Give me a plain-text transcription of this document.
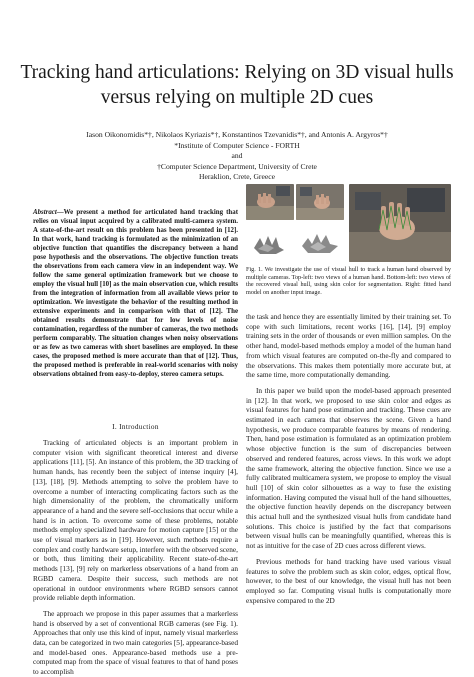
Tracking hand articulations: Relying on 3D visual hulls versus relying on multiple 2D cues
Iason Oikonomidis*†, Nikolaos Kyriazis*†, Konstantinos Tzevanidis*†, and Antonis A. Argyros*†
*Institute of Computer Science - FORTH
and
†Computer Science Department, University of Crete
Heraklion, Crete, Greece
Abstract—We present a method for articulated hand tracking that relies on visual input acquired by a calibrated multi-camera system. A state-of-the-art result on this problem has been presented in [12]. In that work, hand tracking is formulated as the minimization of an objective function that quantifies the discrepancy between a hand pose hypothesis and the observations. The objective function treats the observations from each camera view in an independent way. We follow the same general optimization framework but we choose to employ the visual hull [10] as the main observation cue, which results from the integration of information from all available views prior to optimization. We investigate the behavior of the resulting method in extensive experiments and in comparison with that of [12]. The obtained results demonstrate that for low levels of noise contamination, regardless of the number of cameras, the two methods perform comparably. The situation changes when noisy observations or as few as two cameras with short baselines are employed. In these cases, the proposed method is more accurate than that of [12]. Thus, the proposed method is preferable in real-world scenarios with noisy observations obtained from easy-to-deploy, stereo camera setups.
I. Introduction

Tracking of articulated objects is an important problem in computer vision with significant theoretical interest and diverse applications [11], [5]. An instance of this problem, the 3D tracking of human hands, has recently been the subject of intense inquiry [4], [13], [18], [9]. Methods attempting to solve the problem have to overcome a number of interacting complicating factors such as the high dimensionality of the problem, the chromatically uniform appearance of a hand and the severe self-occlusions that occur while a hand is in action. To overcome some of these problems, notable methods employ specialized hardware for motion capture [15] or the use of visual markers as in [19]. However, such methods require a complex and costly hardware setup, interfere with the observed scene, or both, thus limiting their applicability. Recent state-of-the-art methods [13], [9] rely on markerless observations of a hand from an RGBD camera. Despite their success, such methods are not operational in outdoor environments where RGBD sensors cannot provide reliable depth information.

The approach we propose in this paper assumes that a markerless hand is observed by a set of conventional RGB cameras (see Fig. 1). Approaches that only use this kind of input, namely visual markerless data, can be categorized in two main categories [5], appearance-based and model-based ones. Appearance-based methods use a pre-computed map from the space of visual features to that of hand poses to accomplish

Fig. 1. We investigate the use of visual hull to track a human hand observed by multiple cameras. Top-left: two views of a human hand. Bottom-left: two views of the recovered visual hull, using skin color for segmentation. Right: fitted hand model on another input image.

the task and hence they are essentially limited by their training set. To cope with such limitations, recent works [16], [14], [9] employ training sets in the order of thousands or even million samples. On the other hand, model-based methods employ a model of the human hand from which visual features are computed on-the-fly and compared to the observations. This makes them potentially more accurate but, at the same time, more computationally demanding.

In this paper we build upon the model-based approach presented in [12]. In that work, we proposed to use skin color and edges as visual features for hand pose estimation and tracking. These cues are estimated in each camera that observes the scene. Given a hand hypothesis, we produce comparable features by means of rendering. Then, hand pose estimation is formulated as an optimization problem whose objective function is the sum of discrepancies between observed and rendered features, across views. In this work we adopt the same framework, altering the objective function. Since we use a fully calibrated multicamera system, we propose to employ the visual hull [10] of skin color silhouettes as a way to fuse the existing information. Having computed the visual hull of the hand silhouettes, the objective function heavily depends on the discrepancy between this actual hull and the synthesized visual hulls from candidate hand solutions. This choice is justified by the fact that comparisons between visual hulls can be meaningfully quantified, whereas this is not as intuitive for the case of 2D cues across different views.

Previous methods for hand tracking have used various visual features to solve the problem such as skin color, edges, optical flow, however, to the best of our knowledge, the visual hull has not been employed so far. Computing visual hulls is computationally more expensive compared to the 2D
